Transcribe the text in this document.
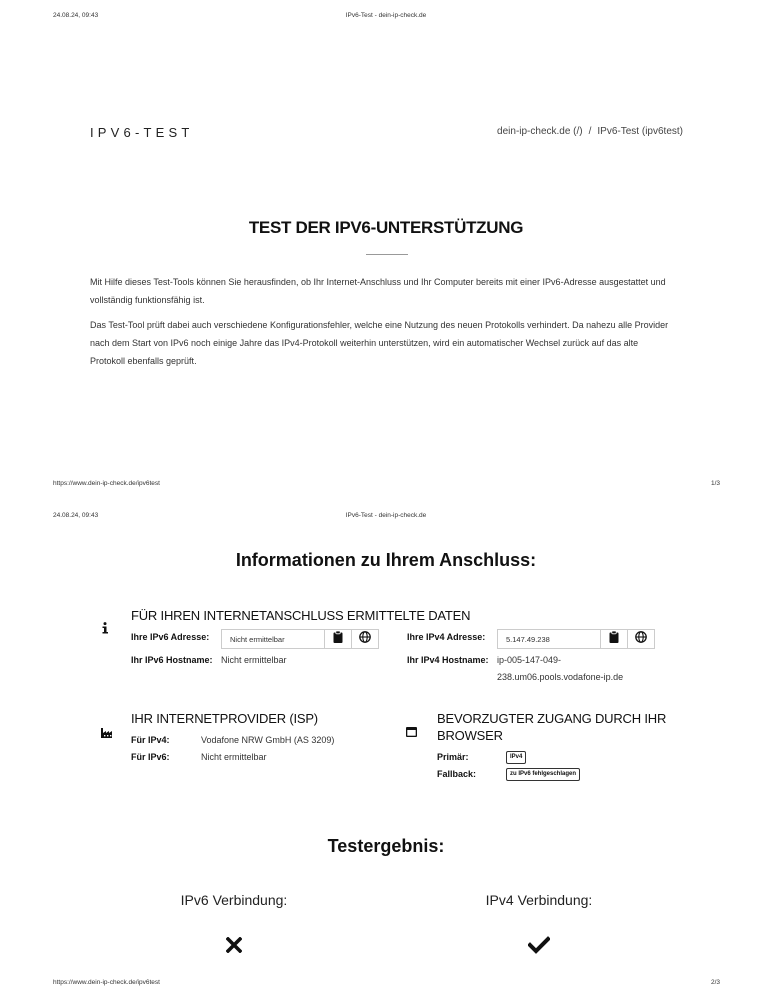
24.08.24, 09:43	IPv6-Test - dein-ip-check.de
IPV6-TEST	dein-ip-check.de (/) / IPv6-Test (ipv6test)
TEST DER IPV6-UNTERSTÜTZUNG
Mit Hilfe dieses Test-Tools können Sie herausfinden, ob Ihr Internet-Anschluss und Ihr Computer bereits mit einer IPv6-Adresse ausgestattet und vollständig funktionsfähig ist.
Das Test-Tool prüft dabei auch verschiedene Konfigurationsfehler, welche eine Nutzung des neuen Protokolls verhindert. Da nahezu alle Provider nach dem Start von IPv6 noch einige Jahre das IPv4-Protokoll weiterhin unterstützen, wird ein automatischer Wechsel zurück auf das alte Protokoll ebenfalls geprüft.
https://www.dein-ip-check.de/ipv6test	1/3
24.08.24, 09:43	IPv6-Test - dein-ip-check.de
Informationen zu Ihrem Anschluss:
FÜR IHREN INTERNETANSCHLUSS ERMITTELTE DATEN
Ihre IPv6 Adresse:	Nicht ermittelbar
Ihr IPv6 Hostname: Nicht ermittelbar
Ihre IPv4 Adresse:	5.147.49.238
Ihr IPv4 Hostname: ip-005-147-049-
238.um06.pools.vodafone-ip.de
IHR INTERNETPROVIDER (ISP)
Für IPv4:	Vodafone NRW GmbH (AS 3209)
Für IPv6:	Nicht ermittelbar
BEVORZUGTER ZUGANG DURCH IHR
BROWSER
Primär:	IPv4
Fallback:	zu IPv6 fehlgeschlagen
Testergebnis:
IPv6 Verbindung:	IPv4 Verbindung:
https://www.dein-ip-check.de/ipv6test	2/3
